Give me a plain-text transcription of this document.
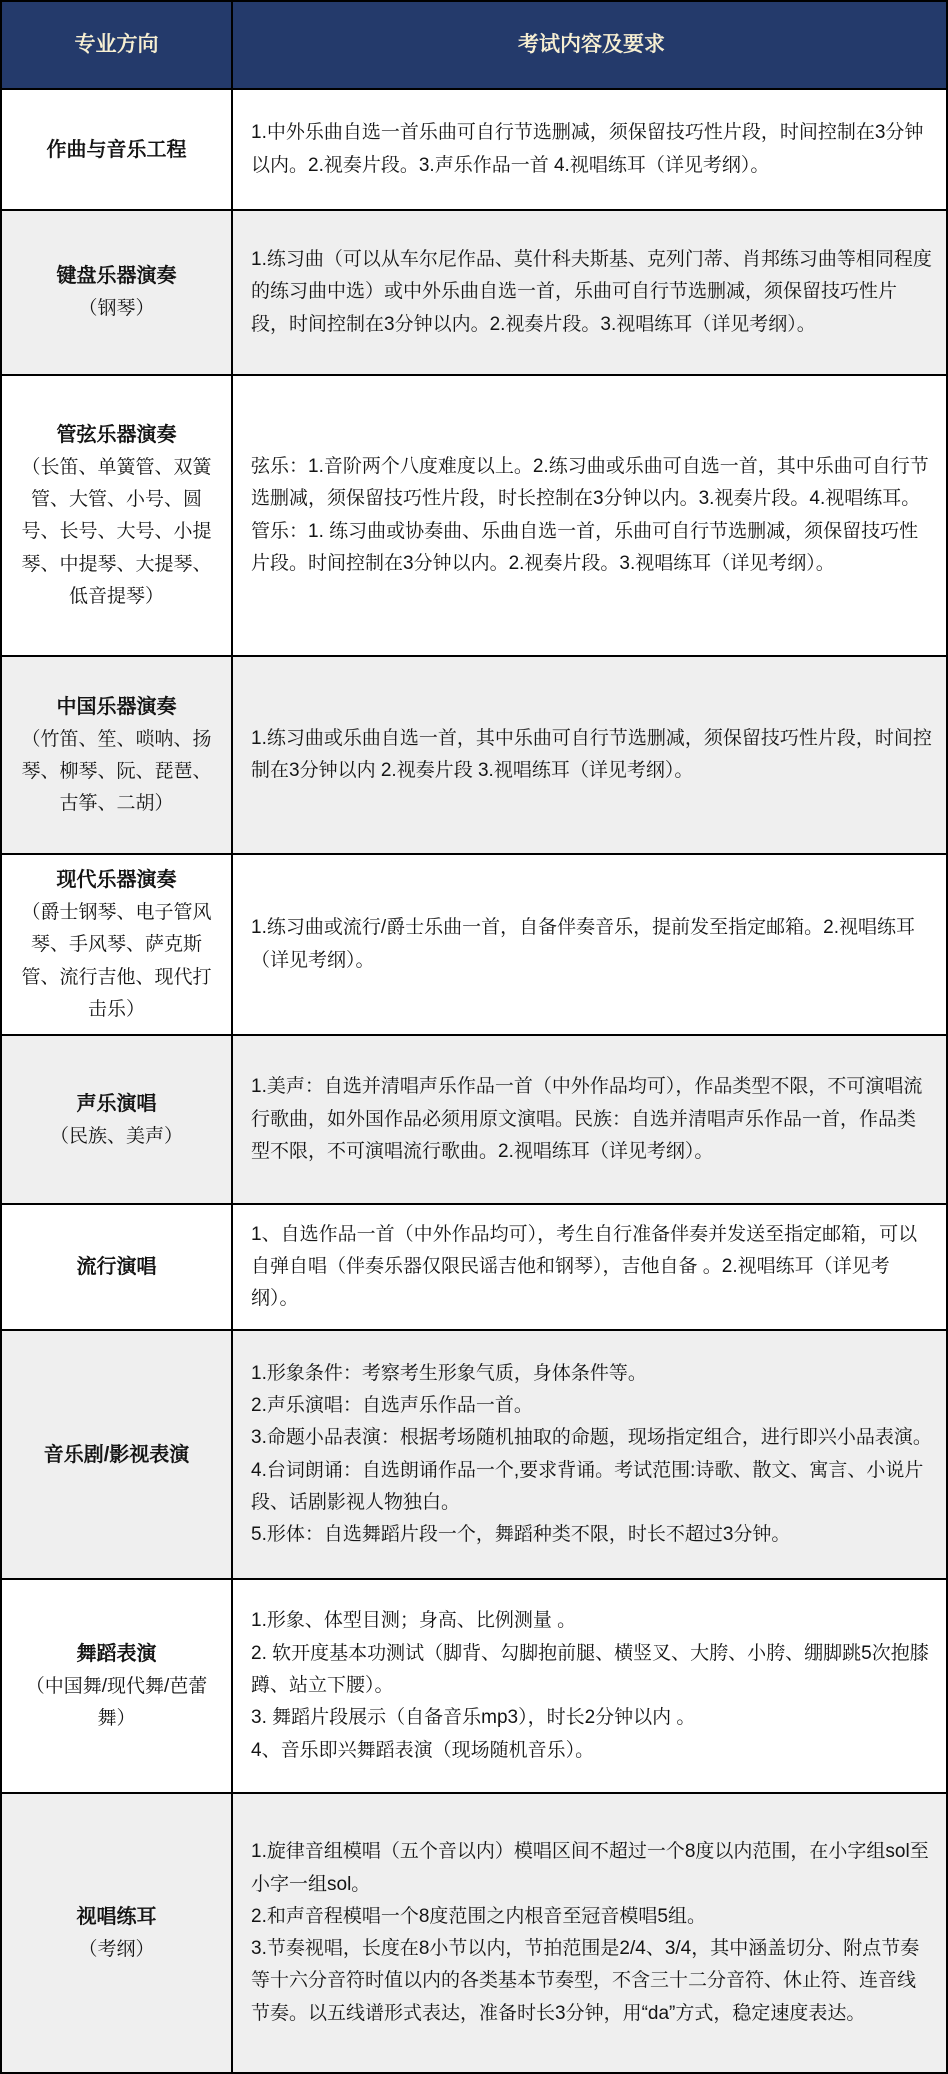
专业方向	考试内容及要求
作曲与音乐工程

1.中外乐曲自选一首乐曲可自行节选删减，须保留技巧性片段，时间控制在3分钟以内。2.视奏片段。3.声乐作品一首 4.视唱练耳（详见考纲）。

键盘乐器演奏
（钢琴）

1.练习曲（可以从车尔尼作品、莫什科夫斯基、克列门蒂、肖邦练习曲等相同程度的练习曲中选）或中外乐曲自选一首，乐曲可自行节选删减，须保留技巧性片段，时间控制在3分钟以内。2.视奏片段。3.视唱练耳（详见考纲）。

管弦乐器演奏
（长笛、单簧管、双簧管、大管、小号、圆号、长号、大号、小提琴、中提琴、大提琴、低音提琴）

弦乐：1.音阶两个八度难度以上。2.练习曲或乐曲可自选一首，其中乐曲可自行节选删减，须保留技巧性片段，时长控制在3分钟以内。3.视奏片段。4.视唱练耳。

管乐：1. 练习曲或协奏曲、乐曲自选一首，乐曲可自行节选删减，须保留技巧性片段。时间控制在3分钟以内。2.视奏片段。3.视唱练耳（详见考纲）。

中国乐器演奏
（竹笛、笙、唢呐、扬琴、柳琴、阮、琵琶、古筝、二胡）

1.练习曲或乐曲自选一首，其中乐曲可自行节选删减，须保留技巧性片段，时间控制在3分钟以内 2.视奏片段 3.视唱练耳（详见考纲）。

现代乐器演奏
（爵士钢琴、电子管风琴、手风琴、萨克斯管、流行吉他、现代打击乐）

1.练习曲或流行/爵士乐曲一首，自备伴奏音乐，提前发至指定邮箱。2.视唱练耳（详见考纲）。

声乐演唱
（民族、美声）

1.美声：自选并清唱声乐作品一首（中外作品均可），作品类型不限，不可演唱流行歌曲，如外国作品必须用原文演唱。民族：自选并清唱声乐作品一首，作品类型不限，不可演唱流行歌曲。2.视唱练耳（详见考纲）。

流行演唱

1、自选作品一首（中外作品均可），考生自行准备伴奏并发送至指定邮箱，可以自弹自唱（伴奏乐器仅限民谣吉他和钢琴），吉他自备 。2.视唱练耳（详见考纲）。

音乐剧/影视表演

1.形象条件：考察考生形象气质，身体条件等。

2.声乐演唱：自选声乐作品一首。

3.命题小品表演：根据考场随机抽取的命题，现场指定组合，进行即兴小品表演。

4.台词朗诵：自选朗诵作品一个,要求背诵。考试范围:诗歌、散文、寓言、小说片段、话剧影视人物独白。

5.形体：自选舞蹈片段一个，舞蹈种类不限，时长不超过3分钟。

舞蹈表演
（中国舞/现代舞/芭蕾舞）

1.形象、体型目测；身高、比例测量 。

2. 软开度基本功测试（脚背、勾脚抱前腿、横竖叉、大胯、小胯、绷脚跳5次抱膝蹲、站立下腰）。

3. 舞蹈片段展示（自备音乐mp3），时长2分钟以内 。

4、音乐即兴舞蹈表演（现场随机音乐）。

视唱练耳
（考纲）

1.旋律音组模唱（五个音以内）模唱区间不超过一个8度以内范围，在小字组sol至小字一组sol。

2.和声音程模唱一个8度范围之内根音至冠音模唱5组。

3.节奏视唱，长度在8小节以内，节拍范围是2/4、3/4，其中涵盖切分、附点节奏等十六分音符时值以内的各类基本节奏型，不含三十二分音符、休止符、连音线节奏。以五线谱形式表达，准备时长3分钟，用“da”方式，稳定速度表达。
